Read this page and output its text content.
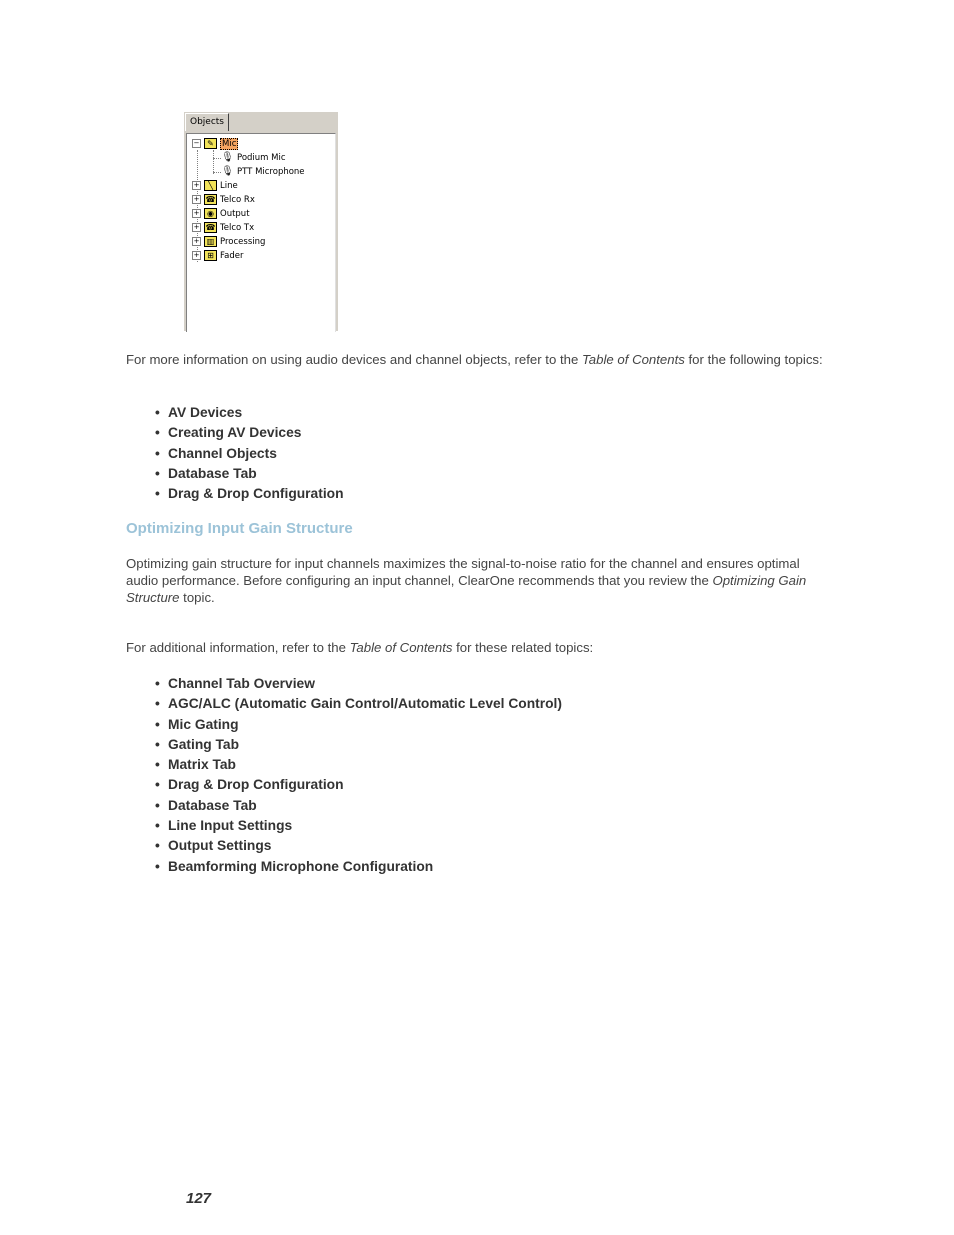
Objects
− ✎ Mic
🎙 Podium Mic
🎙 PTT Microphone
+ ╲ Line
+ ☎ Telco Rx
+ ◉ Output
+ ☎ Telco Tx
+ ▥ Processing
+ ⊞ Fader

For more information on using audio devices and channel objects, refer to the Table of Contents for the following topics:

• AV Devices
• Creating AV Devices
• Channel Objects
• Database Tab
• Drag & Drop Configuration
Optimizing Input Gain Structure

Optimizing gain structure for input channels maximizes the signal-to-noise ratio for the channel and ensures optimal audio performance. Before configuring an input channel, ClearOne recommends that you review the Optimizing Gain Structure topic.

For additional information, refer to the Table of Contents for these related topics:

• Channel Tab Overview
• AGC/ALC (Automatic Gain Control/Automatic Level Control)
• Mic Gating
• Gating Tab
• Matrix Tab
• Drag & Drop Configuration
• Database Tab
• Line Input Settings
• Output Settings
• Beamforming Microphone Configuration
127
